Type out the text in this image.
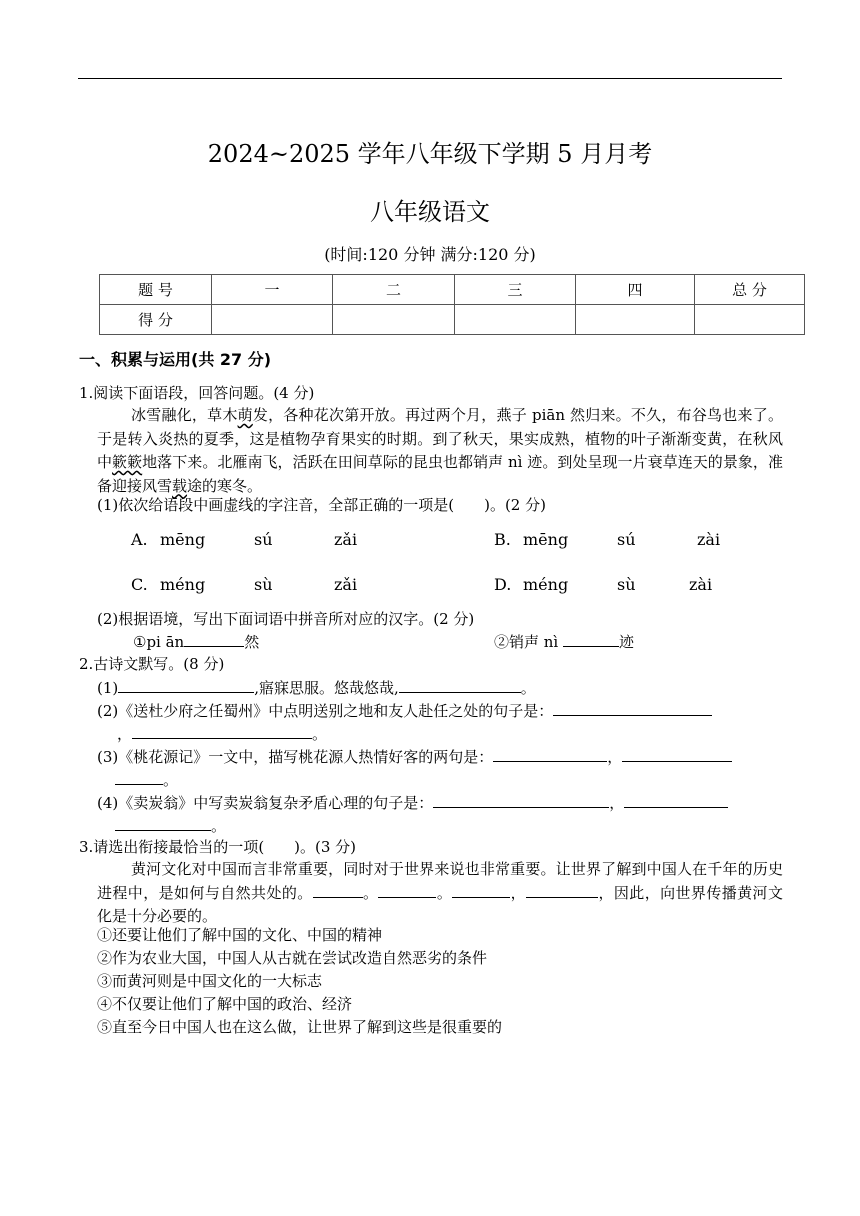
2024~2025 学年八年级下学期 5 月月考
八年级语文
(时间:120 分钟 满分:120 分)
题 号	一	二	三	四	总 分
得 分					
一、积累与运用(共 27 分)
1.阅读下面语段，回答问题。(4 分)
冰雪融化，草木萌发，各种花次第开放。再过两个月，燕子 piān 然归来。不久，布谷鸟也来了。于是转入炎热的夏季，这是植物孕育果实的时期。到了秋天，果实成熟，植物的叶子渐渐变黄，在秋风中簌簌地落下来。北雁南飞，活跃在田间草际的昆虫也都销声 nì 迹。到处呈现一片衰草连天的景象，准备迎接风雪载途的寒冬。
(1)依次给语段中画虚线的字注音，全部正确的一项是(　　)。(2 分)
A. mēng	sú	zǎi	B. mēng	sú	zài
C. méng	sù	zǎi	D. méng	sù	zài
(2)根据语境，写出下面词语中拼音所对应的汉字。(2 分)
①pi ān	然	②销声 nì	迹
2.古诗文默写。(8 分)
(1)	,寤寐思服。悠哉悠哉,	。
(2)《送杜少府之任蜀州》中点明送别之地和友人赴任之处的句子是：
，	。
(3)《桃花源记》一文中，描写桃花源人热情好客的两句是：	，
。
(4)《卖炭翁》中写卖炭翁复杂矛盾心理的句子是：	，
。
3.请选出衔接最恰当的一项(　　)。(3 分)
黄河文化对中国而言非常重要，同时对于世界来说也非常重要。让世界了解到中国人在千年的历史进程中，是如何与自然共处的。	。	。	，	，因此，向世界传播黄河文化是十分必要的。
①还要让他们了解中国的文化、中国的精神
②作为农业大国，中国人从古就在尝试改造自然恶劣的条件
③而黄河则是中国文化的一大标志
④不仅要让他们了解中国的政治、经济
⑤直至今日中国人也在这么做，让世界了解到这些是很重要的
